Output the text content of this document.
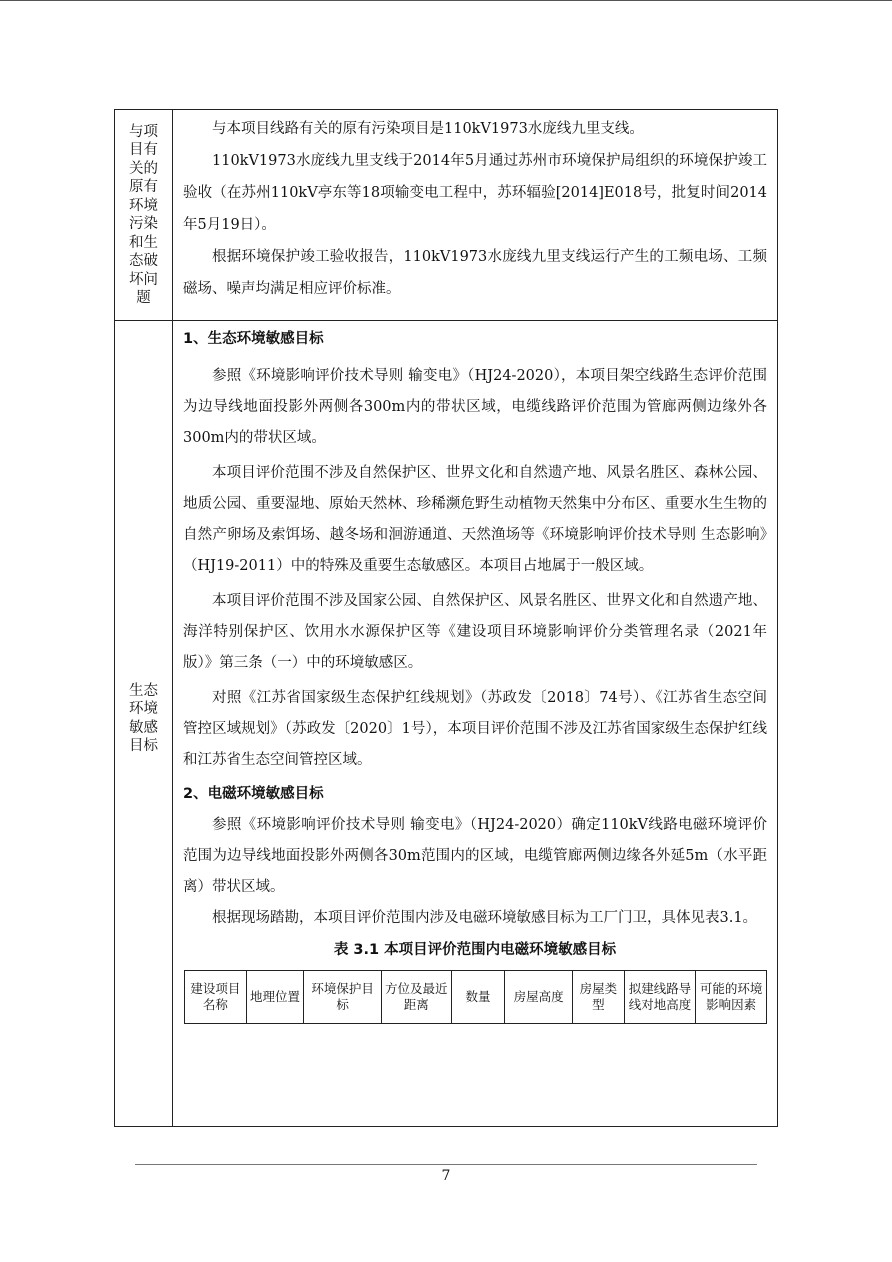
与项目有关的原有环境污染和生态破坏问题

与本项目线路有关的原有污染项目是110kV1973水庞线九里支线。

110kV1973水庞线九里支线于2014年5月通过苏州市环境保护局组织的环境保护竣工验收（在苏州110kV亭东等18项输变电工程中，苏环辐验[2014]E018号，批复时间2014年5月19日）。

根据环境保护竣工验收报告，110kV1973水庞线九里支线运行产生的工频电场、工频磁场、噪声均满足相应评价标准。

生态环境敏感目标

1、生态环境敏感目标

参照《环境影响评价技术导则 输变电》（HJ24-2020），本项目架空线路生态评价范围为边导线地面投影外两侧各300m内的带状区域，电缆线路评价范围为管廊两侧边缘外各300m内的带状区域。

本项目评价范围不涉及自然保护区、世界文化和自然遗产地、风景名胜区、森林公园、地质公园、重要湿地、原始天然林、珍稀濒危野生动植物天然集中分布区、重要水生生物的自然产卵场及索饵场、越冬场和洄游通道、天然渔场等《环境影响评价技术导则 生态影响》（HJ19-2011）中的特殊及重要生态敏感区。本项目占地属于一般区域。

本项目评价范围不涉及国家公园、自然保护区、风景名胜区、世界文化和自然遗产地、海洋特别保护区、饮用水水源保护区等《建设项目环境影响评价分类管理名录（2021年版）》第三条（一）中的环境敏感区。

对照《江苏省国家级生态保护红线规划》（苏政发〔2018〕74号）、《江苏省生态空间管控区域规划》（苏政发〔2020〕1号），本项目评价范围不涉及江苏省国家级生态保护红线和江苏省生态空间管控区域。

2、电磁环境敏感目标

参照《环境影响评价技术导则 输变电》（HJ24-2020）确定110kV线路电磁环境评价范围为边导线地面投影外两侧各30m范围内的区域，电缆管廊两侧边缘各外延5m（水平距离）带状区域。

根据现场踏勘，本项目评价范围内涉及电磁环境敏感目标为工厂门卫，具体见表3.1。

表 3.1 本项目评价范围内电磁环境敏感目标
建设项目名称	地理位置	环境保护目标	方位及最近距离	数量	房屋高度	房屋类型	拟建线路导线对地高度	可能的环境影响因素
7
